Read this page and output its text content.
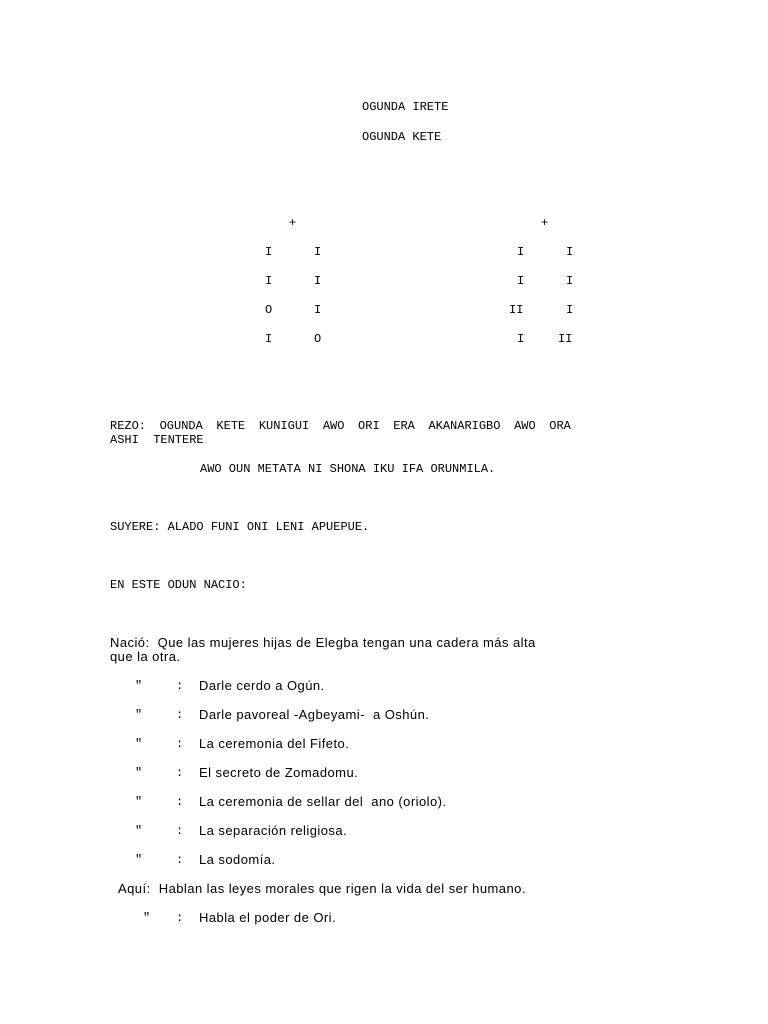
OGUNDA IRETE
OGUNDA KETE
+
I	I
I	I
O	I
I	O
+
I	I
I	I
II	I
I	II
REZO:  OGUNDA  KETE  KUNIGUI  AWO  ORI  ERA  AKANARIGBO  AWO  ORA
ASHI  TENTERE
AWO OUN METATA NI SHONA IKU IFA ORUNMILA.
SUYERE: ALADO FUNI ONI LENI APUEPUE.
EN ESTE ODUN NACIO:
Nació:  Que las mujeres hijas de Elegba tengan una cadera más alta
que la otra.
"	: Darle cerdo a Ogún.
"	: Darle pavoreal -Agbeyami-  a Oshún.
"	: La ceremonia del Fifeto.
"	: El secreto de Zomadomu.
"	: La ceremonia de sellar del  ano (oriolo).
"	: La separación religiosa.
"	: La sodomía.
Aquí:  Hablan las leyes morales que rigen la vida del ser humano.
" : Habla el poder de Ori.
